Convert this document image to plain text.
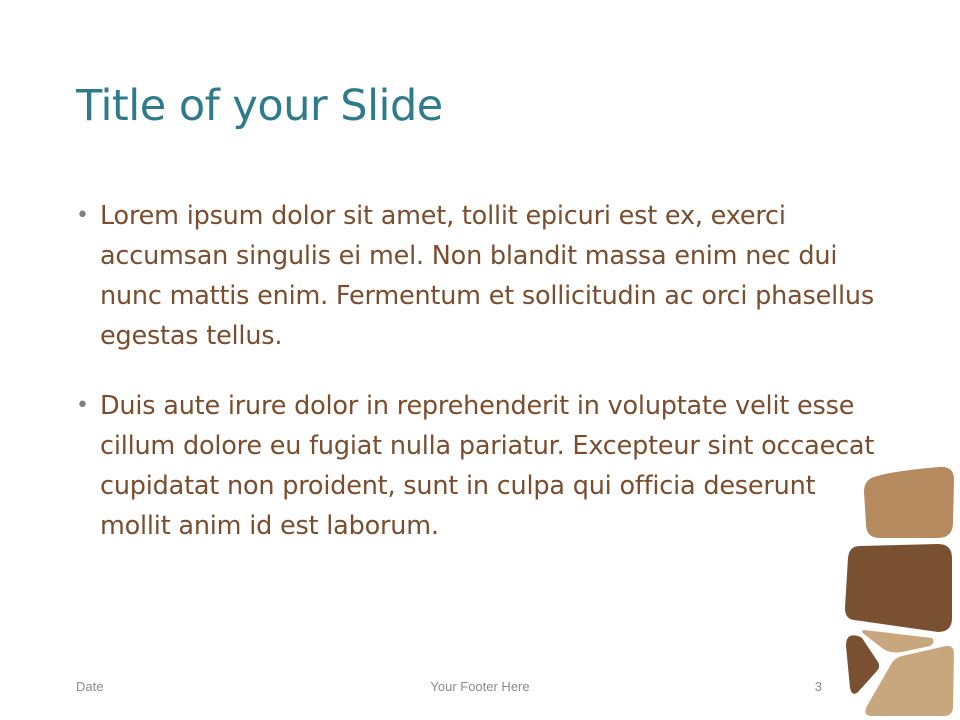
Title of your Slide
• Lorem ipsum dolor sit amet, tollit epicuri est ex, exerci accumsan singulis ei mel. Non blandit massa enim nec dui nunc mattis enim. Fermentum et sollicitudin ac orci phasellus egestas tellus.
• Duis aute irure dolor in reprehenderit in voluptate velit esse cillum dolore eu fugiat nulla pariatur. Excepteur sint occaecat cupidatat non proident, sunt in culpa qui officia deserunt mollit anim id est laborum.
Date	Your Footer Here	3
